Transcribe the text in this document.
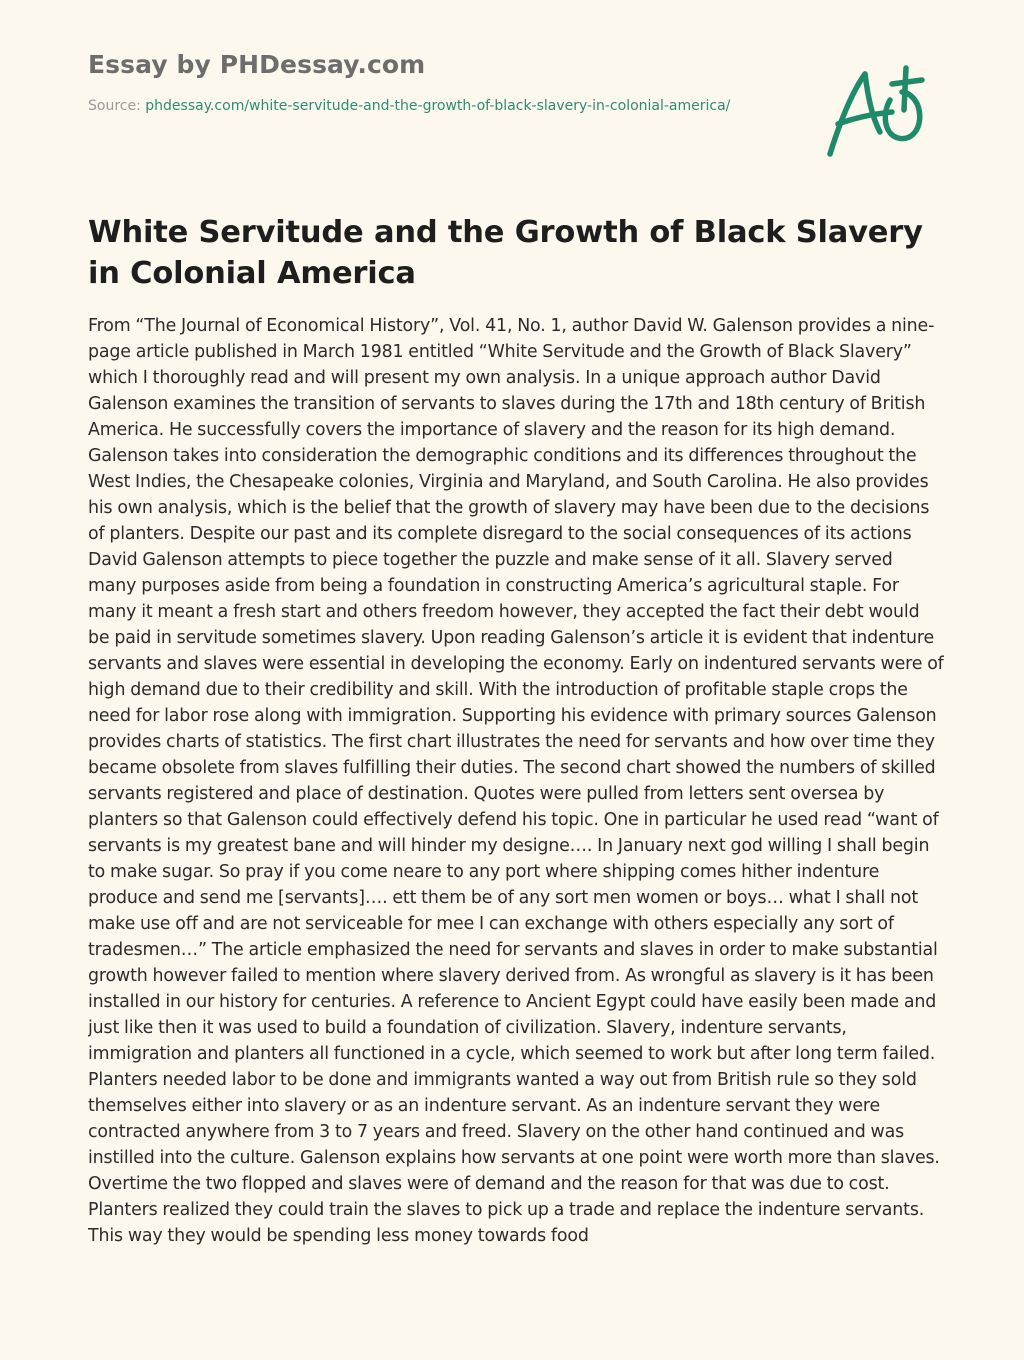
Essay by PHDessay.com

Source: phdessay.com/white-servitude-and-the-growth-of-black-slavery-in-colonial-america/
White Servitude and the Growth of Black Slavery in Colonial America

From “The Journal of Economical History”, Vol. 41, No. 1, author David W. Galenson provides a nine-page article published in March 1981 entitled “White Servitude and the Growth of Black Slavery” which I thoroughly read and will present my own analysis. In a unique approach author David Galenson examines the transition of servants to slaves during the 17th and 18th century of British America. He successfully covers the importance of slavery and the reason for its high demand. Galenson takes into consideration the demographic conditions and its differences throughout the West Indies, the Chesapeake colonies, Virginia and Maryland, and South Carolina. He also provides his own analysis, which is the belief that the growth of slavery may have been due to the decisions of planters. Despite our past and its complete disregard to the social consequences of its actions David Galenson attempts to piece together the puzzle and make sense of it all. Slavery served many purposes aside from being a foundation in constructing America’s agricultural staple. For many it meant a fresh start and others freedom however, they accepted the fact their debt would be paid in servitude sometimes slavery. Upon reading Galenson’s article it is evident that indenture servants and slaves were essential in developing the economy. Early on indentured servants were of high demand due to their credibility and skill. With the introduction of profitable staple crops the need for labor rose along with immigration. Supporting his evidence with primary sources Galenson provides charts of statistics. The first chart illustrates the need for servants and how over time they became obsolete from slaves fulfilling their duties. The second chart showed the numbers of skilled servants registered and place of destination. Quotes were pulled from letters sent oversea by planters so that Galenson could effectively defend his topic. One in particular he used read “want of servants is my greatest bane and will hinder my designe…. In January next god willing I shall begin to make sugar. So pray if you come neare to any port where shipping comes hither indenture produce and send me [servants]…. ett them be of any sort men women or boys… what I shall not make use off and are not serviceable for mee I can exchange with others especially any sort of tradesmen…” The article emphasized the need for servants and slaves in order to make substantial growth however failed to mention where slavery derived from. As wrongful as slavery is it has been installed in our history for centuries. A reference to Ancient Egypt could have easily been made and just like then it was used to build a foundation of civilization. Slavery, indenture servants, immigration and planters all functioned in a cycle, which seemed to work but after long term failed. Planters needed labor to be done and immigrants wanted a way out from British rule so they sold themselves either into slavery or as an indenture servant. As an indenture servant they were contracted anywhere from 3 to 7 years and freed. Slavery on the other hand continued and was instilled into the culture. Galenson explains how servants at one point were worth more than slaves. Overtime the two flopped and slaves were of demand and the reason for that was due to cost. Planters realized they could train the slaves to pick up a trade and replace the indenture servants. This way they would be spending less money towards food
